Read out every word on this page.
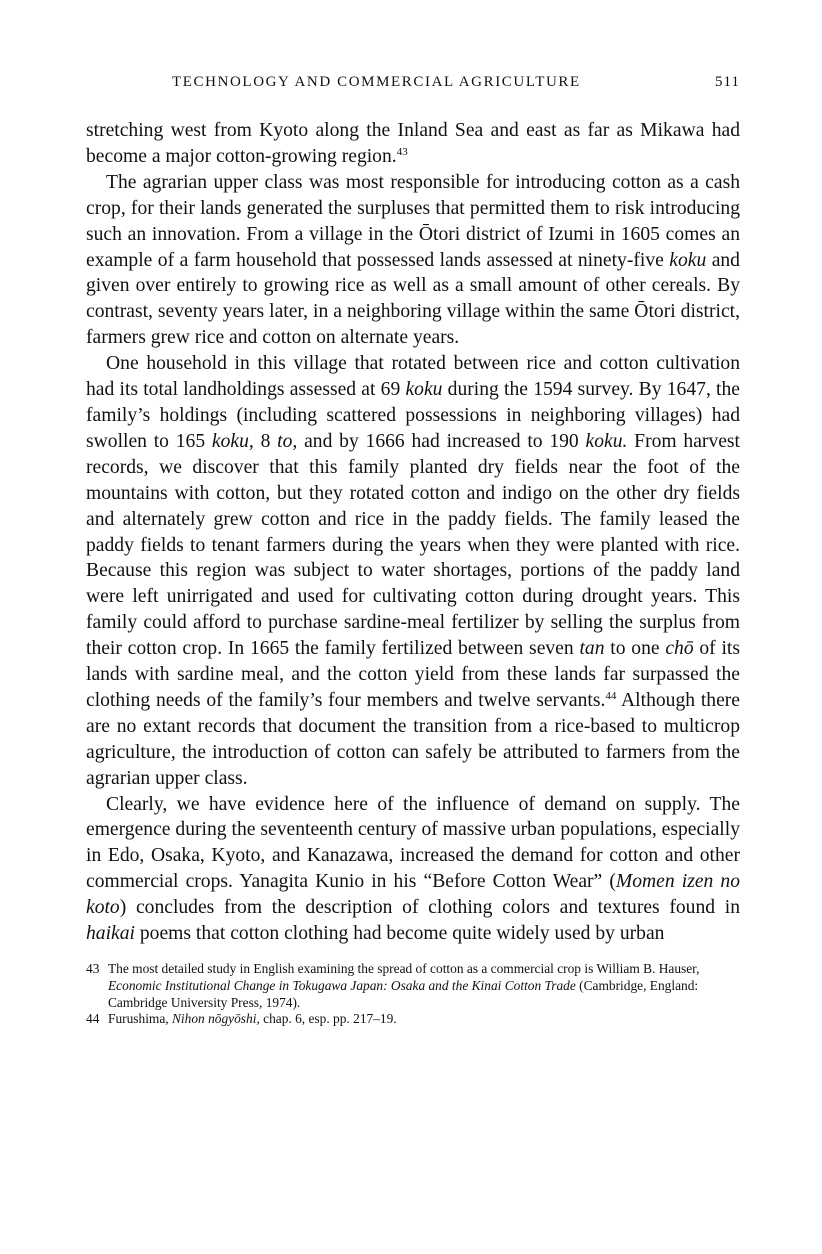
TECHNOLOGY AND COMMERCIAL AGRICULTURE	511

stretching west from Kyoto along the Inland Sea and east as far as Mikawa had become a major cotton-growing region.$^{43}$

The agrarian upper class was most responsible for introducing cotton as a cash crop, for their lands generated the surpluses that permitted them to risk introducing such an innovation. From a village in the Ōtori district of Izumi in 1605 comes an example of a farm household that possessed lands assessed at ninety-five koku and given over entirely to growing rice as well as a small amount of other cereals. By contrast, seventy years later, in a neighboring village within the same Ōtori district, farmers grew rice and cotton on alternate years.

One household in this village that rotated between rice and cotton cultivation had its total landholdings assessed at 69 koku during the 1594 survey. By 1647, the family’s holdings (including scattered possessions in neighboring villages) had swollen to 165 koku, 8 to, and by 1666 had increased to 190 koku. From harvest records, we discover that this family planted dry fields near the foot of the mountains with cotton, but they rotated cotton and indigo on the other dry fields and alternately grew cotton and rice in the paddy fields. The family leased the paddy fields to tenant farmers during the years when they were planted with rice. Because this region was subject to water shortages, portions of the paddy land were left unirrigated and used for cultivating cotton during drought years. This family could afford to purchase sardine-meal fertilizer by selling the surplus from their cotton crop. In 1665 the family fertilized between seven tan to one chō of its lands with sardine meal, and the cotton yield from these lands far surpassed the clothing needs of the family’s four members and twelve servants.$^{44}$ Although there are no extant records that document the transition from a rice-based to multicrop agriculture, the introduction of cotton can safely be attributed to farmers from the agrarian upper class.

Clearly, we have evidence here of the influence of demand on supply. The emergence during the seventeenth century of massive urban populations, especially in Edo, Osaka, Kyoto, and Kanazawa, increased the demand for cotton and other commercial crops. Yanagita Kunio in his “Before Cotton Wear” (Momen izen no koto) concludes from the description of clothing colors and textures found in haikai poems that cotton clothing had become quite widely used by urban

43 The most detailed study in English examining the spread of cotton as a commercial crop is William B. Hauser, Economic Institutional Change in Tokugawa Japan: Osaka and the Kinai Cotton Trade (Cambridge, England: Cambridge University Press, 1974).
44 Furushima, Nihon nōgyōshi, chap. 6, esp. pp. 217–19.
